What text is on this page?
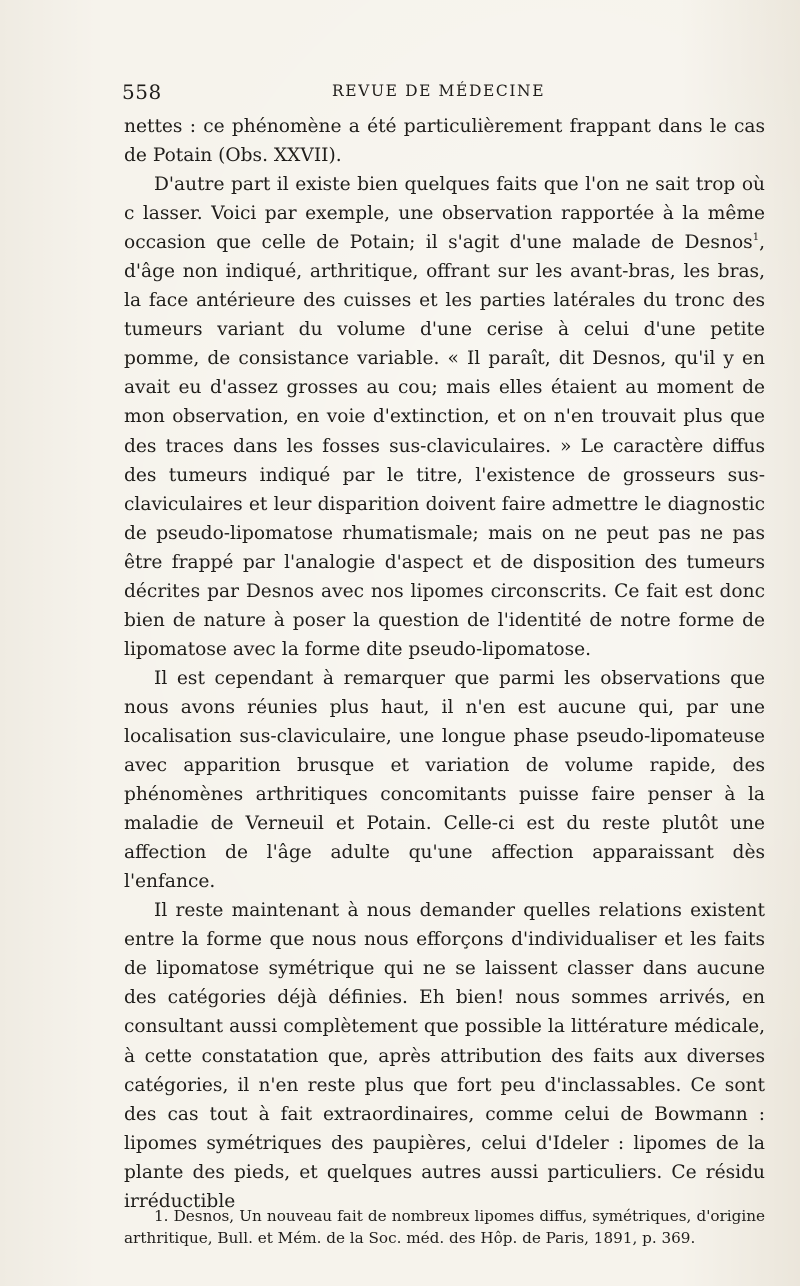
558	REVUE DE MÉDECINE

nettes : ce phénomène a été particulièrement frappant dans le cas de Potain (Obs. XXVII).

D'autre part il existe bien quelques faits que l'on ne sait trop où c lasser. Voici par exemple, une observation rapportée à la même occasion que celle de Potain; il s'agit d'une malade de Desnos$^1$, d'âge non indiqué, arthritique, offrant sur les avant-bras, les bras, la face antérieure des cuisses et les parties latérales du tronc des tumeurs variant du volume d'une cerise à celui d'une petite pomme, de consistance variable. « Il paraît, dit Desnos, qu'il y en avait eu d'assez grosses au cou; mais elles étaient au moment de mon observation, en voie d'extinction, et on n'en trouvait plus que des traces dans les fosses sus-claviculaires. » Le caractère diffus des tumeurs indiqué par le titre, l'existence de grosseurs sus-claviculaires et leur disparition doivent faire admettre le diagnostic de pseudo-lipomatose rhumatismale; mais on ne peut pas ne pas être frappé par l'analogie d'aspect et de disposition des tumeurs décrites par Desnos avec nos lipomes circonscrits. Ce fait est donc bien de nature à poser la question de l'identité de notre forme de lipomatose avec la forme dite pseudo-lipomatose.

Il est cependant à remarquer que parmi les observations que nous avons réunies plus haut, il n'en est aucune qui, par une localisation sus-claviculaire, une longue phase pseudo-lipomateuse avec apparition brusque et variation de volume rapide, des phénomènes arthritiques concomitants puisse faire penser à la maladie de Verneuil et Potain. Celle-ci est du reste plutôt une affection de l'âge adulte qu'une affection apparaissant dès l'enfance.

Il reste maintenant à nous demander quelles relations existent entre la forme que nous nous efforçons d'individualiser et les faits de lipomatose symétrique qui ne se laissent classer dans aucune des catégories déjà définies. Eh bien! nous sommes arrivés, en consultant aussi complètement que possible la littérature médicale, à cette constatation que, après attribution des faits aux diverses catégories, il n'en reste plus que fort peu d'inclassables. Ce sont des cas tout à fait extraordinaires, comme celui de Bowmann : lipomes symétriques des paupières, celui d'Ideler : lipomes de la plante des pieds, et quelques autres aussi particuliers. Ce résidu irréductible

1. Desnos, Un nouveau fait de nombreux lipomes diffus, symétriques, d'origine arthritique, Bull. et Mém. de la Soc. méd. des Hôp. de Paris, 1891, p. 369.
